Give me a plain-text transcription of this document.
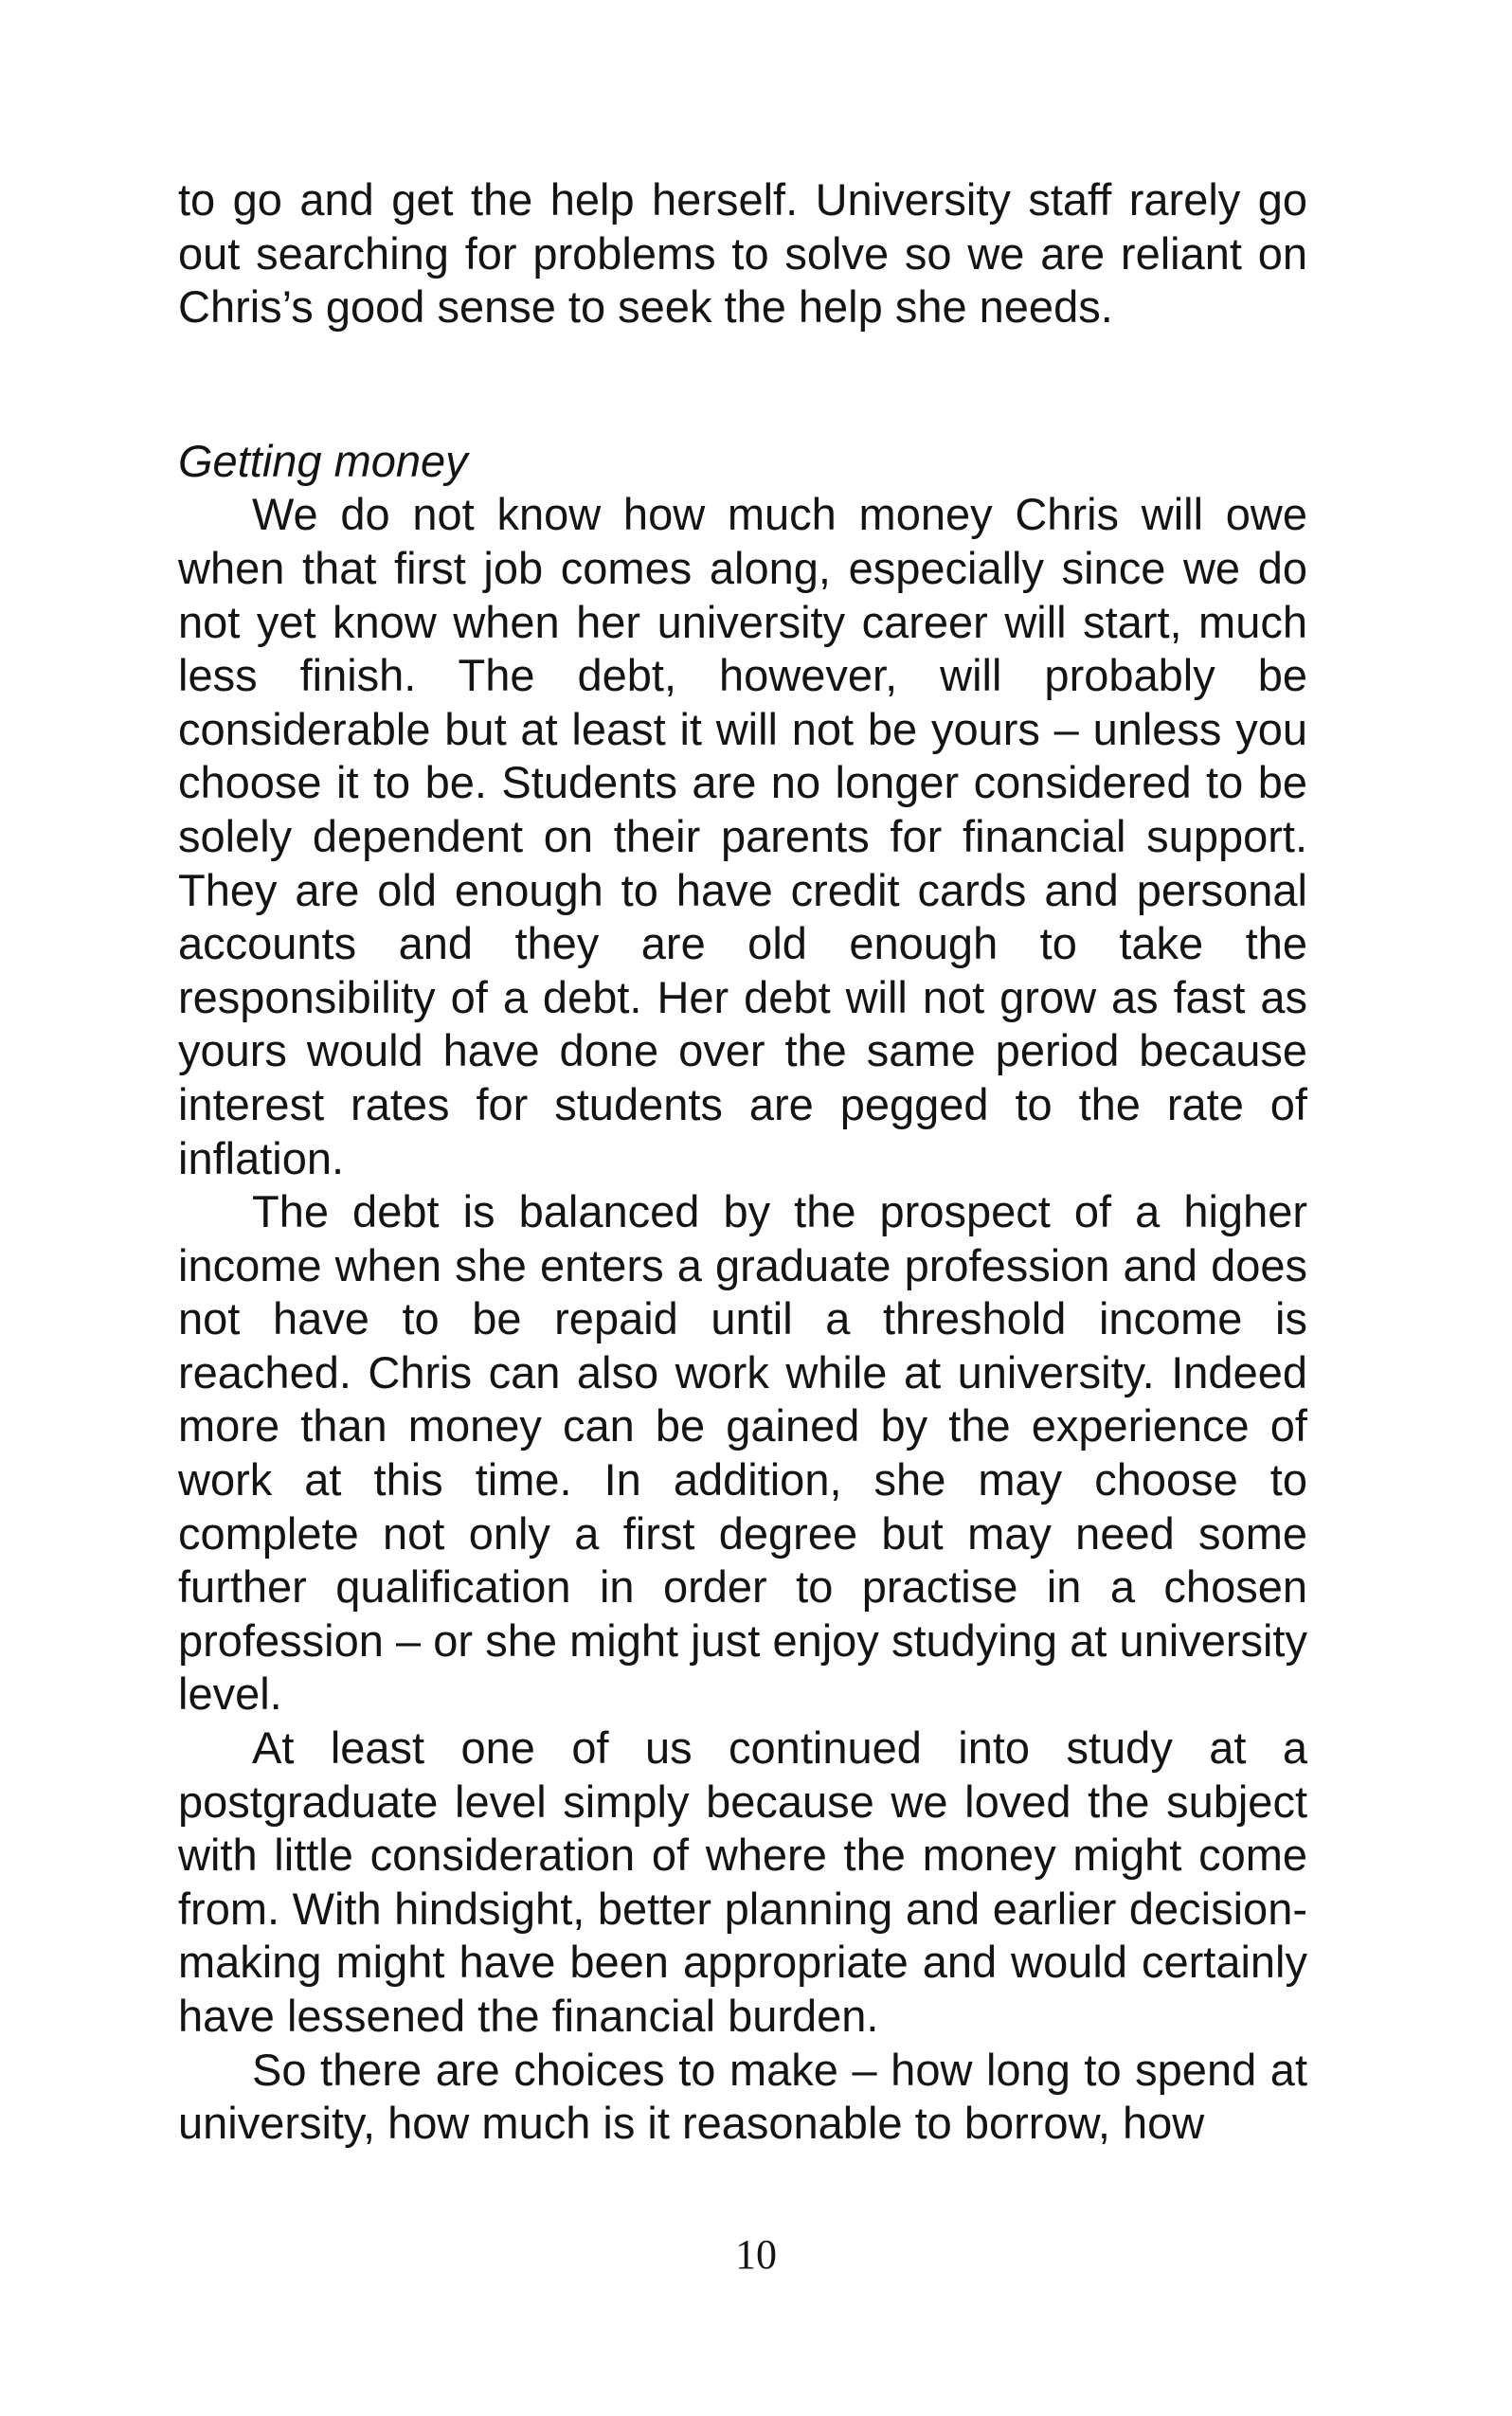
to go and get the help herself. University staff rarely go out searching for problems to solve so we are reliant on Chris’s good sense to seek the help she needs.

Getting money

We do not know how much money Chris will owe when that first job comes along, especially since we do not yet know when her university career will start, much less finish. The debt, however, will probably be considerable but at least it will not be yours – unless you choose it to be. Students are no longer considered to be solely dependent on their parents for financial support. They are old enough to have credit cards and personal accounts and they are old enough to take the responsibility of a debt. Her debt will not grow as fast as yours would have done over the same period because interest rates for students are pegged to the rate of inflation.

The debt is balanced by the prospect of a higher income when she enters a graduate profession and does not have to be repaid until a threshold income is reached. Chris can also work while at university. Indeed more than money can be gained by the experience of work at this time. In addition, she may choose to complete not only a first degree but may need some further qualification in order to practise in a chosen profession – or she might just enjoy studying at university level.

At least one of us continued into study at a postgraduate level simply because we loved the subject with little consideration of where the money might come from. With hindsight, better planning and earlier decision-making might have been appropriate and would certainly have lessened the financial burden.

So there are choices to make – how long to spend at university, how much is it reasonable to borrow, how

10
